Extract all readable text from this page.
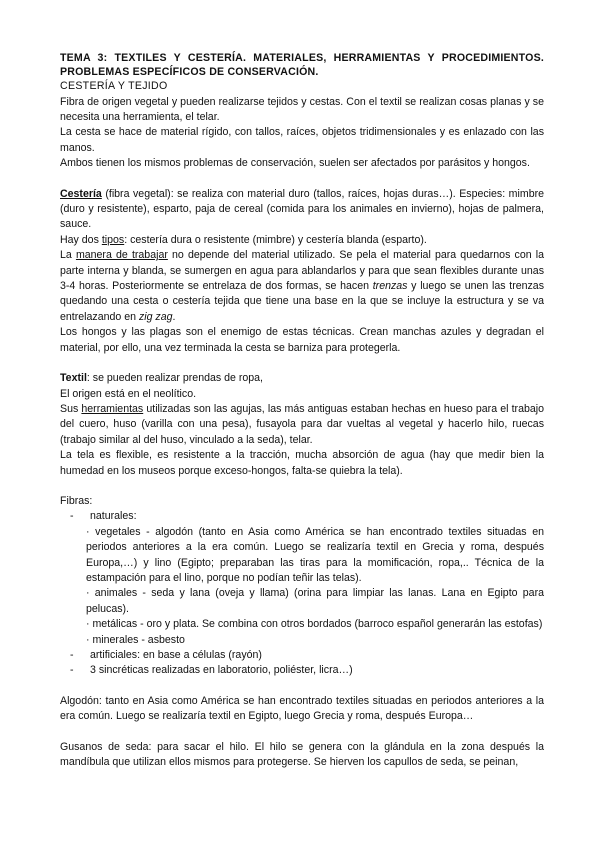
TEMA 3: TEXTILES Y CESTERÍA. MATERIALES, HERRAMIENTAS Y PROCEDIMIENTOS. PROBLEMAS ESPECÍFICOS DE CONSERVACIÓN.

CESTERÍA Y TEJIDO

Fibra de origen vegetal y pueden realizarse tejidos y cestas. Con el textil se realizan cosas planas y se necesita una herramienta, el telar.

La cesta se hace de material rígido, con tallos, raíces, objetos tridimensionales y es enlazado con las manos.

Ambos tienen los mismos problemas de conservación, suelen ser afectados por parásitos y hongos.

Cestería (fibra vegetal): se realiza con material duro (tallos, raíces, hojas duras…). Especies: mimbre (duro y resistente), esparto, paja de cereal (comida para los animales en invierno), hojas de palmera, sauce.

Hay dos tipos: cestería dura o resistente (mimbre) y cestería blanda (esparto).

La manera de trabajar no depende del material utilizado. Se pela el material para quedarnos con la parte interna y blanda, se sumergen en agua para ablandarlos y para que sean flexibles durante unas 3-4 horas. Posteriormente se entrelaza de dos formas, se hacen trenzas y luego se unen las trenzas quedando una cesta o cestería tejida que tiene una base en la que se incluye la estructura y se va entrelazando en zig zag.

Los hongos y las plagas son el enemigo de estas técnicas. Crean manchas azules y degradan el material, por ello, una vez terminada la cesta se barniza para protegerla.

Textil: se pueden realizar prendas de ropa,

El origen está en el neolítico.

Sus herramientas utilizadas son las agujas, las más antiguas estaban hechas en hueso para el trabajo del cuero, huso (varilla con una pesa), fusayola para dar vueltas al vegetal y hacerlo hilo, ruecas (trabajo similar al del huso, vinculado a la seda), telar.

La tela es flexible, es resistente a la tracción, mucha absorción de agua (hay que medir bien la humedad en los museos porque exceso-hongos, falta-se quiebra la tela).

Fibras:

- naturales:

· vegetales - algodón (tanto en Asia como América se han encontrado textiles situadas en periodos anteriores a la era común. Luego se realizaría textil en Grecia y roma, después Europa,…) y lino (Egipto; preparaban las tiras para la momificación, ropa,.. Técnica de la estampación para el lino, porque no podían teñir las telas).

· animales - seda y lana (oveja y llama) (orina para limpiar las lanas. Lana en Egipto para pelucas).

· metálicas - oro y plata. Se combina con otros bordados (barroco español generarán las estofas)

· minerales - asbesto

- artificiales: en base a células (rayón)

- 3 sincréticas realizadas en laboratorio, poliéster, licra…)

Algodón: tanto en Asia como América se han encontrado textiles situadas en periodos anteriores a la era común. Luego se realizaría textil en Egipto, luego Grecia y roma, después Europa…

Gusanos de seda: para sacar el hilo. El hilo se genera con la glándula en la zona después la mandíbula que utilizan ellos mismos para protegerse. Se hierven los capullos de seda, se peinan,
